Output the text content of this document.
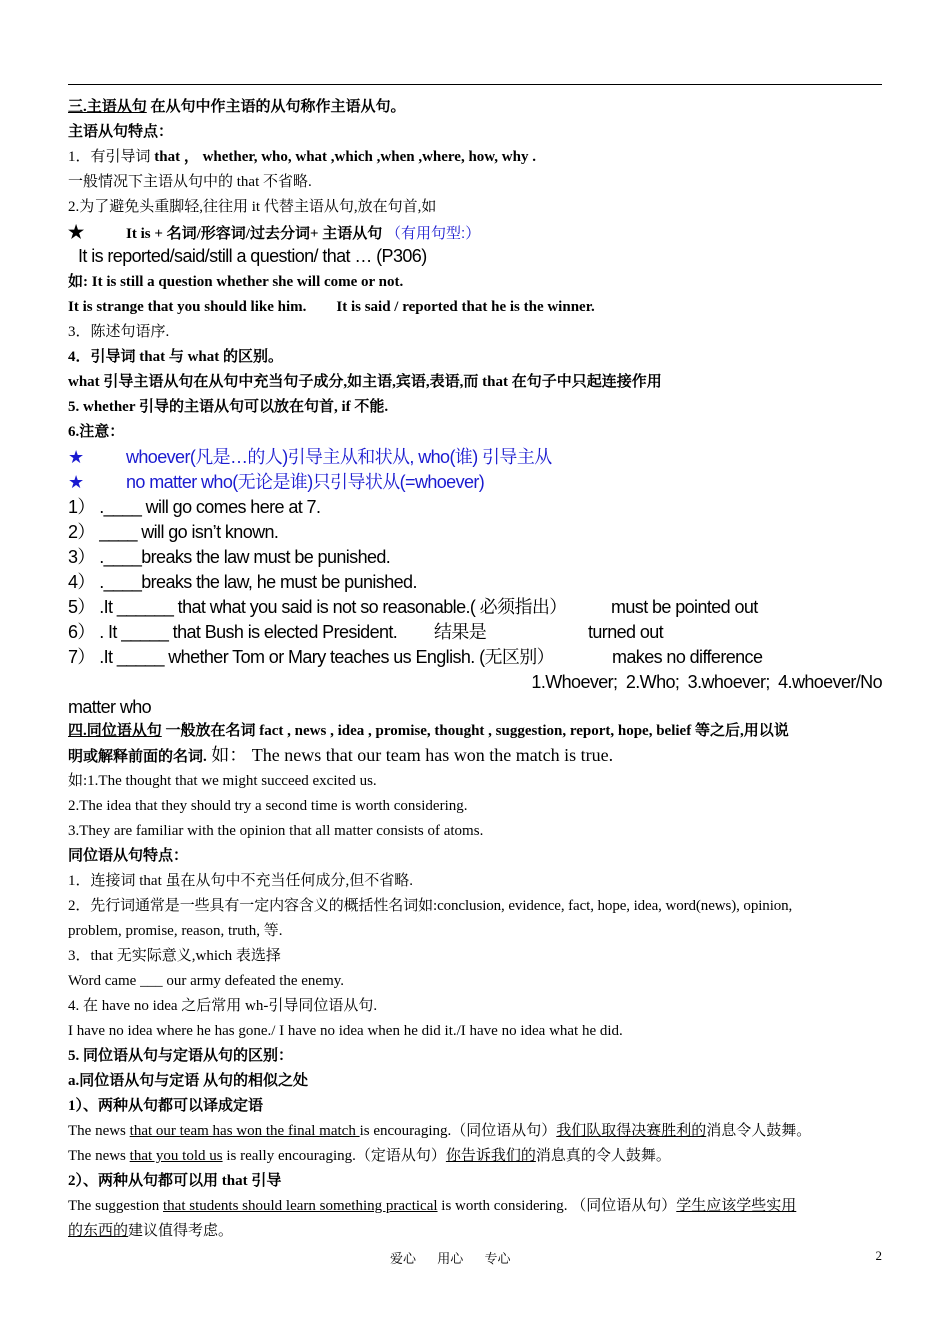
三.主语从句 在从句中作主语的从句称作主语从句。
主语从句特点：
1．有引导词 that ， whether, who, what ,which ,when ,where, how, why .
一般情况下主语从句中的 that 不省略.
2.为了避免头重脚轻,往往用 it 代替主语从句,放在句首,如
★	It is + 名词/形容词/过去分词+ 主语从句 （有用句型:）
It is reported/said/still a question/ that … (P306)
如: It is still a question whether she will come or not.
It is strange that you should like him. It is said / reported that he is the winner.
3．陈述句语序.
4．引导词 that 与 what 的区别。
what 引导主语从句在从句中充当句子成分,如主语,宾语,表语,而 that 在句子中只起连接作用
5. whether 引导的主语从句可以放在句首, if 不能.
6.注意：
★ whoever(凡是…的人)引导主从和状从, who(谁) 引导主从
★ no matter who(无论是谁)只引导状从(=whoever)
1） .____ will go comes here at 7.
2） ____ will go isn’t known.
3） .____breaks the law must be punished.
4） .____breaks the law, he must be punished.
5） .It ______ that what you said is not so reasonable.( 必须指出） must be pointed out
6） . It _____ that Bush is elected President. 结果是	turned out
7） .It _____ whether Tom or Mary teaches us English. (无区别）	makes no difference
1.Whoever; 2.Who; 3.whoever; 4.whoever/No
matter who
四.同位语从句 一般放在名词 fact , news , idea , promise, thought , suggestion, report, hope, belief 等之后,用以说
明或解释前面的名词. 如： The news that our team has won the match is true.
如:1.The thought that we might succeed excited us.
2.The idea that they should try a second time is worth considering.
3.They are familiar with the opinion that all matter consists of atoms.
同位语从句特点：
1．连接词 that 虽在从句中不充当任何成分,但不省略.
2．先行词通常是一些具有一定内容含义的概括性名词如:conclusion, evidence, fact, hope, idea, word(news), opinion,
problem, promise, reason, truth, 等.
3．that 无实际意义,which 表选择
Word came ___ our army defeated the enemy.
4. 在 have no idea 之后常用 wh-引导同位语从句.
I have no idea where he has gone./ I have no idea when he did it./I have no idea what he did.
5. 同位语从句与定语从句的区别：
a.同位语从句与定语 从句的相似之处
1）、两种从句都可以译成定语
The news that our team has won the final match is encouraging.（同位语从句）我们队取得决赛胜利的消息令人鼓舞。
The news that you told us is really encouraging.（定语从句）你告诉我们的消息真的令人鼓舞。
2）、两种从句都可以用 that 引导
The suggestion that students should learn something practical is worth considering. （同位语从句）学生应该学些实用
的东西的建议值得考虑。
爱心 用心 专心	2
